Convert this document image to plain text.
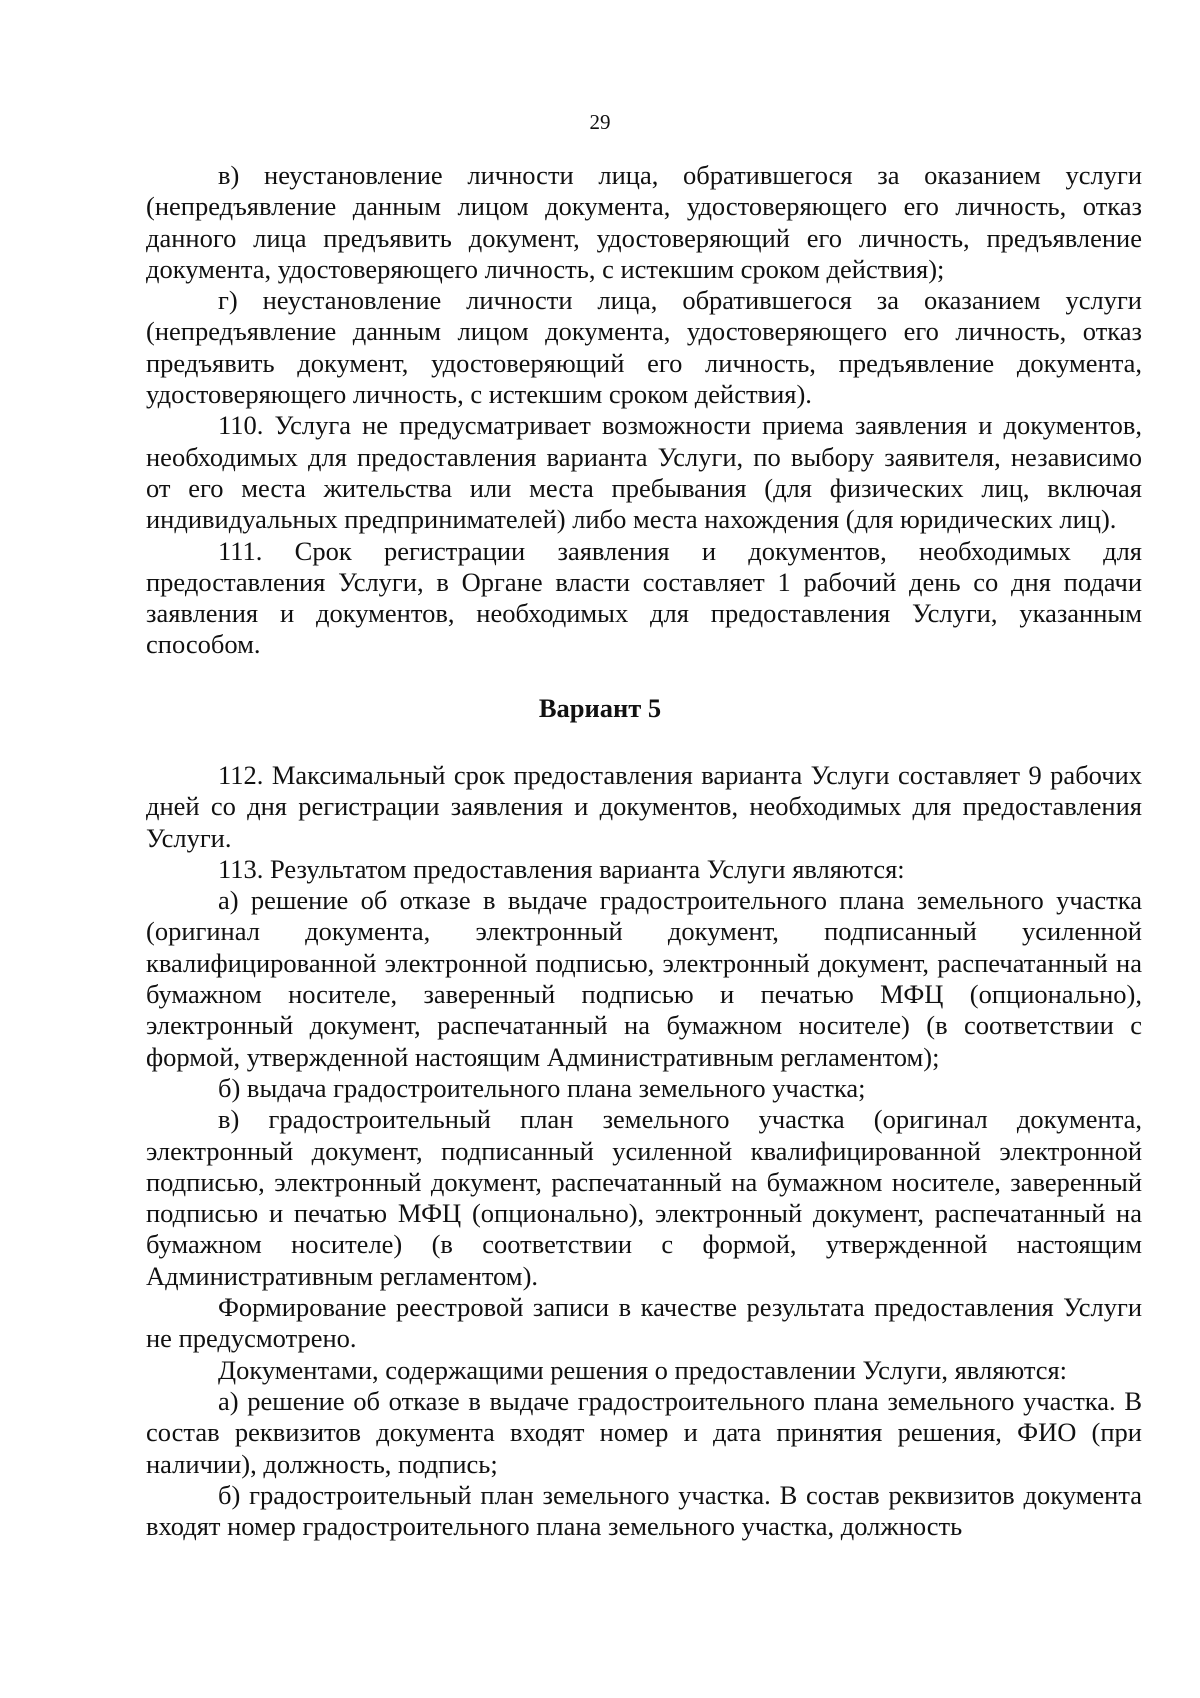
29

в) неустановление личности лица, обратившегося за оказанием услуги (непредъявление данным лицом документа, удостоверяющего его личность, отказ данного лица предъявить документ, удостоверяющий его личность, предъявление документа, удостоверяющего личность, с истекшим сроком действия);

г) неустановление личности лица, обратившегося за оказанием услуги (непредъявление данным лицом документа, удостоверяющего его личность, отказ предъявить документ, удостоверяющий его личность, предъявление документа, удостоверяющего личность, с истекшим сроком действия).

110. Услуга не предусматривает возможности приема заявления и документов, необходимых для предоставления варианта Услуги, по выбору заявителя, независимо от его места жительства или места пребывания (для физических лиц, включая индивидуальных предпринимателей) либо места нахождения (для юридических лиц).

111. Срок регистрации заявления и документов, необходимых для предоставления Услуги, в Органе власти составляет 1 рабочий день со дня подачи заявления и документов, необходимых для предоставления Услуги, указанным способом.

Вариант 5

112. Максимальный срок предоставления варианта Услуги составляет 9 рабочих дней со дня регистрации заявления и документов, необходимых для предоставления Услуги.

113. Результатом предоставления варианта Услуги являются:

а) решение об отказе в выдаче градостроительного плана земельного участка (оригинал документа, электронный документ, подписанный усиленной квалифицированной электронной подписью, электронный документ, распечатанный на бумажном носителе, заверенный подписью и печатью МФЦ (опционально), электронный документ, распечатанный на бумажном носителе) (в соответствии с формой, утвержденной настоящим Административным регламентом);

б) выдача градостроительного плана земельного участка;

в) градостроительный план земельного участка (оригинал документа, электронный документ, подписанный усиленной квалифицированной электронной подписью, электронный документ, распечатанный на бумажном носителе, заверенный подписью и печатью МФЦ (опционально), электронный документ, распечатанный на бумажном носителе) (в соответствии с формой, утвержденной настоящим Административным регламентом).

Формирование реестровой записи в качестве результата предоставления Услуги не предусмотрено.

Документами, содержащими решения о предоставлении Услуги, являются:

а) решение об отказе в выдаче градостроительного плана земельного участка. В состав реквизитов документа входят номер и дата принятия решения, ФИО (при наличии), должность, подпись;

б) градостроительный план земельного участка. В состав реквизитов документа входят номер градостроительного плана земельного участка, должность
